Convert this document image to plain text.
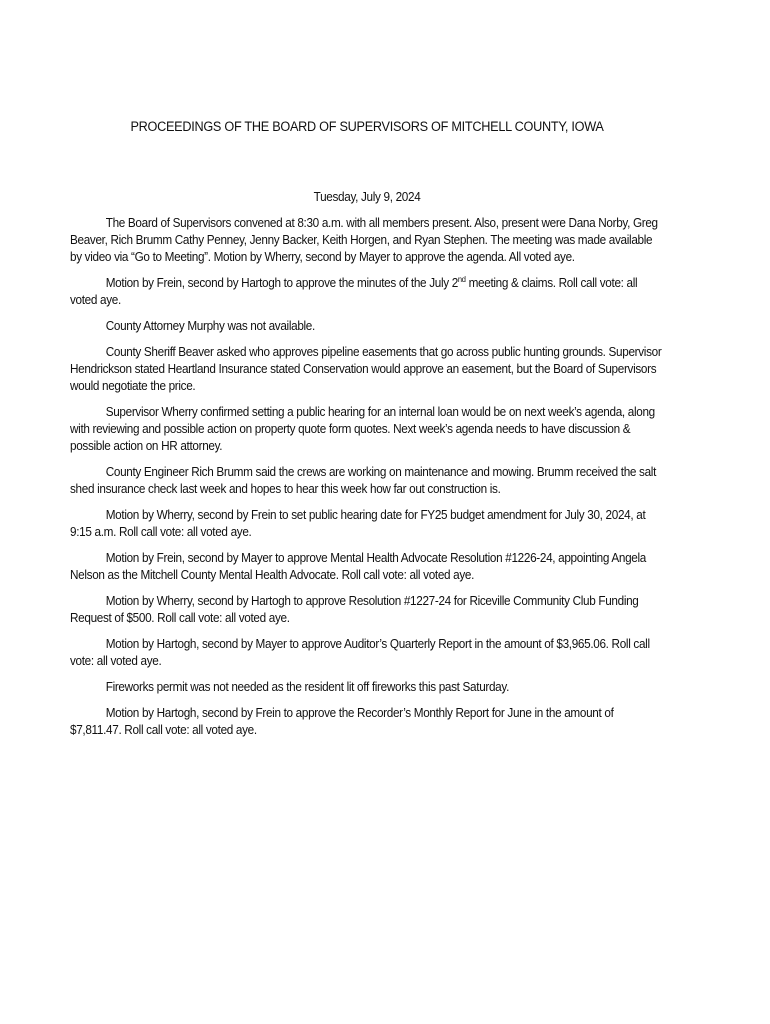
PROCEEDINGS OF THE BOARD OF SUPERVISORS OF MITCHELL COUNTY, IOWA
Tuesday, July 9, 2024

The Board of Supervisors convened at 8:30 a.m. with all members present. Also, present were Dana Norby, Greg Beaver, Rich Brumm Cathy Penney, Jenny Backer, Keith Horgen, and Ryan Stephen. The meeting was made available by video via “Go to Meeting”. Motion by Wherry, second by Mayer to approve the agenda. All voted aye.

Motion by Frein, second by Hartogh to approve the minutes of the July 2nd meeting & claims. Roll call vote: all voted aye.

County Attorney Murphy was not available.

County Sheriff Beaver asked who approves pipeline easements that go across public hunting grounds. Supervisor Hendrickson stated Heartland Insurance stated Conservation would approve an easement, but the Board of Supervisors would negotiate the price.

Supervisor Wherry confirmed setting a public hearing for an internal loan would be on next week’s agenda, along with reviewing and possible action on property quote form quotes. Next week’s agenda needs to have discussion & possible action on HR attorney.

County Engineer Rich Brumm said the crews are working on maintenance and mowing. Brumm received the salt shed insurance check last week and hopes to hear this week how far out construction is.

Motion by Wherry, second by Frein to set public hearing date for FY25 budget amendment for July 30, 2024, at 9:15 a.m. Roll call vote: all voted aye.

Motion by Frein, second by Mayer to approve Mental Health Advocate Resolution #1226-24, appointing Angela Nelson as the Mitchell County Mental Health Advocate. Roll call vote: all voted aye.

Motion by Wherry, second by Hartogh to approve Resolution #1227-24 for Riceville Community Club Funding Request of $500. Roll call vote: all voted aye.

Motion by Hartogh, second by Mayer to approve Auditor’s Quarterly Report in the amount of $3,965.06. Roll call vote: all voted aye.

Fireworks permit was not needed as the resident lit off fireworks this past Saturday.

Motion by Hartogh, second by Frein to approve the Recorder’s Monthly Report for June in the amount of $7,811.47. Roll call vote: all voted aye.
